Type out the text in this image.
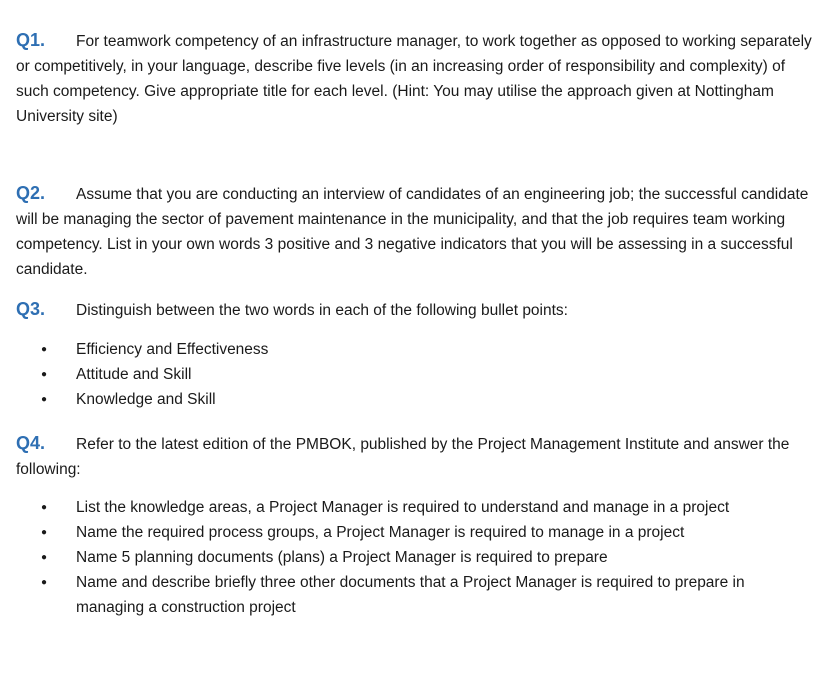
Q1. For teamwork competency of an infrastructure manager, to work together as opposed to working separately or competitively, in your language, describe five levels (in an increasing order of responsibility and complexity) of such competency. Give appropriate title for each level. (Hint: You may utilise the approach given at Nottingham University site)
Q2. Assume that you are conducting an interview of candidates of an engineering job; the successful candidate will be managing the sector of pavement maintenance in the municipality, and that the job requires team working competency. List in your own words 3 positive and 3 negative indicators that you will be assessing in a successful candidate.
Q3. Distinguish between the two words in each of the following bullet points:
● Efficiency and Effectiveness
● Attitude and Skill
● Knowledge and Skill
Q4. Refer to the latest edition of the PMBOK, published by the Project Management Institute and answer the following:
● List the knowledge areas, a Project Manager is required to understand and manage in a project
● Name the required process groups, a Project Manager is required to manage in a project
● Name 5 planning documents (plans) a Project Manager is required to prepare
● Name and describe briefly three other documents that a Project Manager is required to prepare in managing a construction project
